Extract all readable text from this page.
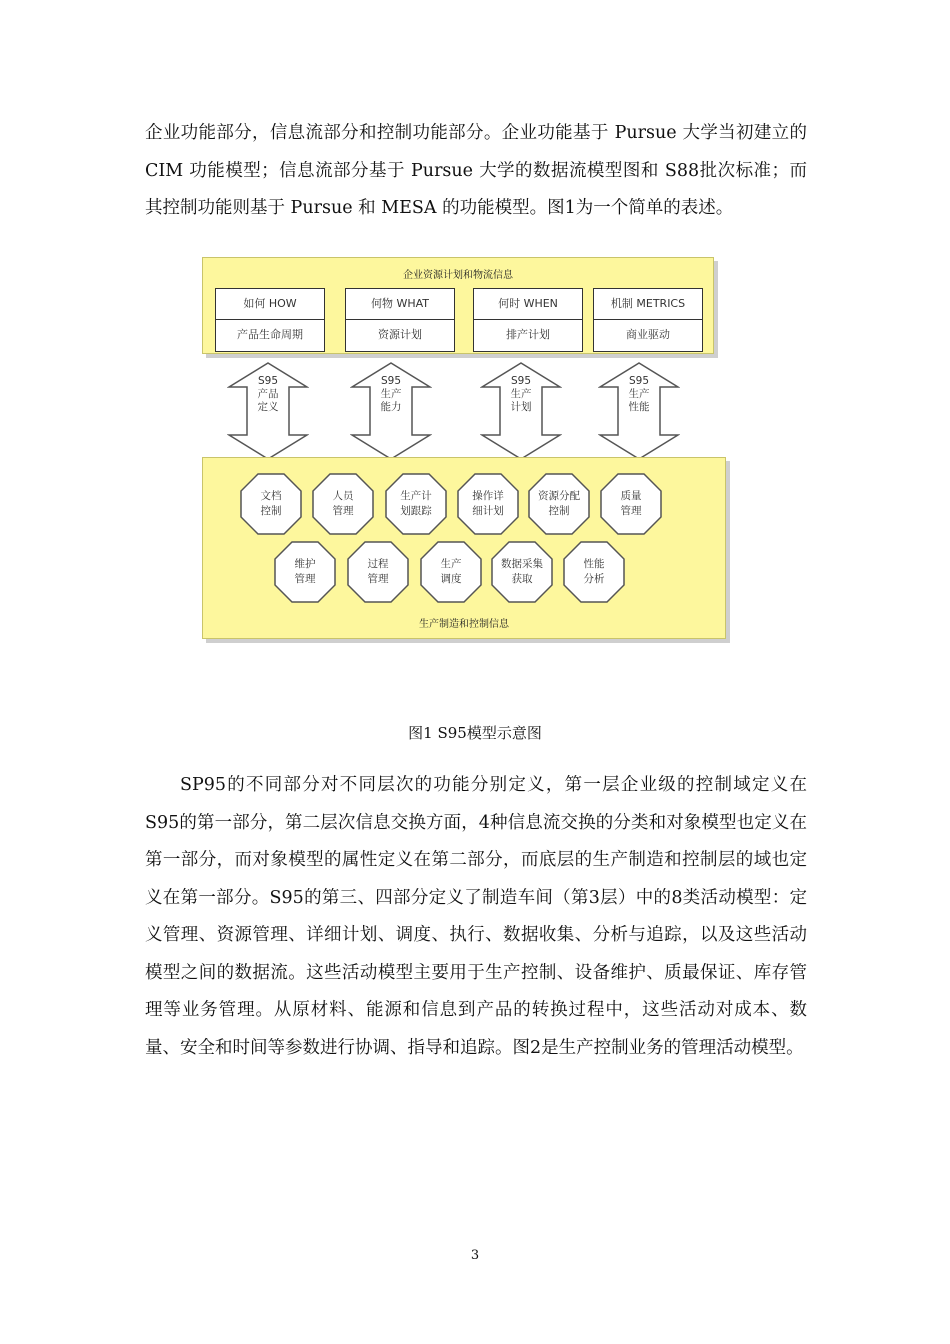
企业功能部分，信息流部分和控制功能部分。企业功能基于 Pursue 大学当初建立的 CIM 功能模型；信息流部分基于 Pursue 大学的数据流模型图和 S88批次标准；而其控制功能则基于 Pursue 和 MESA 的功能模型。图1为一个简单的表述。

企业资源计划和物流信息
如何 HOW
产品生命周期
何物 WHAT
资源计划
何时 WHEN
排产计划
机制 METRICS
商业驱动
S95
产品
定义
S95
生产
能力
S95
生产
计划
S95
生产
性能
生产制造和控制信息
文档
控制
人员
管理
生产计
划跟踪
操作详
细计划
资源分配
控制
质量
管理
维护
管理
过程
管理
生产
调度
数据采集
获取
性能
分析
图1 S95模型示意图

SP95的不同部分对不同层次的功能分别定义，第一层企业级的控制域定义在 S95的第一部分，第二层次信息交换方面，4种信息流交换的分类和对象模型也定义在第一部分，而对象模型的属性定义在第二部分，而底层的生产制造和控制层的域也定义在第一部分。S95的第三、四部分定义了制造车间（第3层）中的8类活动模型：定义管理、资源管理、详细计划、调度、执行、数据收集、分析与追踪，以及这些活动模型之间的数据流。这些活动模型主要用于生产控制、设备维护、质最保证、库存管理等业务管理。从原材料、能源和信息到产品的转换过程中，这些活动对成本、数量、安全和时间等参数进行协调、指导和追踪。图2是生产控制业务的管理活动模型。

3
